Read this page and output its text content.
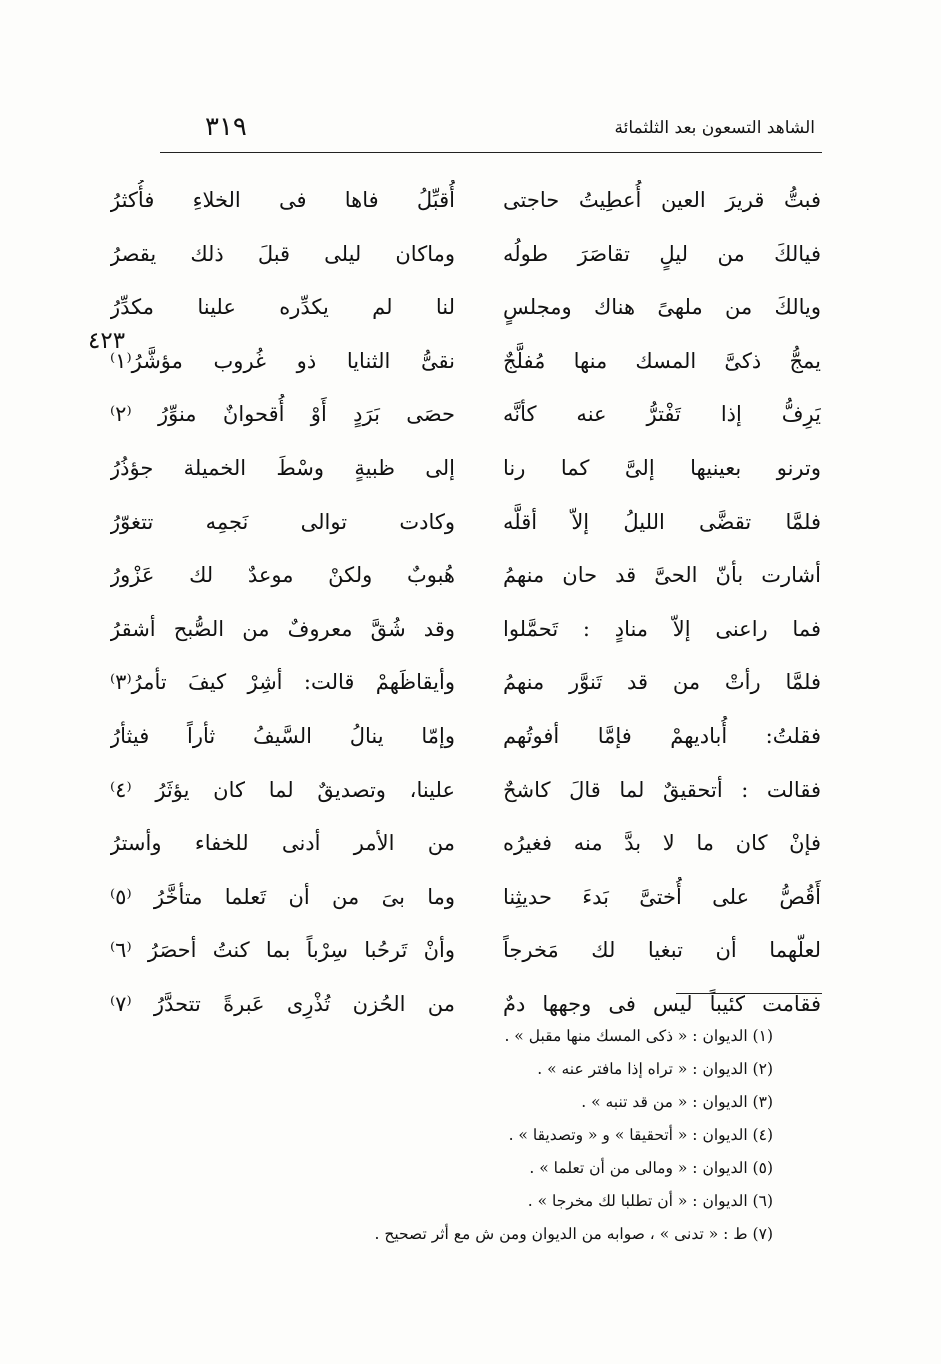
٣١٩	الشاهد التسعون بعد الثلثمائة
٤٢٣
فبتُّ قريرَ العين أُعطِيتُ حاجتى
أُقبِّلُ فاها فى الخلاءِ فأُكثرُ
فيالكَ من ليلٍ تقاصَرَ طولُه
وماكان ليلى قبلَ ذلك يقصرُ
ويالكَ من ملهىً هناك ومجلسٍ
لنا لم يكدِّره علينا مكدِّرُ
يمجُّ ذكىَّ المسك منها مُفلَّجٌ
نقىُّ الثنايا ذو غُروب مؤشَّرُ⁽١⁾
يَرِفُّ إذا تَفْترُّ عنه كأنَّه
حصَى بَرَدٍ أَوْ أُقحوانٌ منوِّرُ ⁽٢⁾
وترنو بعينيها إلىَّ كما رنا
إلى ظبيةٍ وسْطَ الخميلة جؤذُرُ
فلمَّا تقضَّى الليلُ إلاّ أقلَّه
وكادت توالى نَجمِه تتغوّرُ
أشارت بأنّ الحىَّ قد حان منهمُ
هُبوبٌ ولكنْ موعدٌ لك عَزْورُ
فما راعنى إلاّ منادٍ : تَحمَّلوا
وقد شُقَّ معروفٌ من الصُّبح أشقرُ
فلمَّا رأتْ من قد تَنوَّر منهمُ
وأيقاظَهمْ قالت: أشِرْ كيفَ تأمرُ⁽٣⁾
فقلتُ: أُباديهمْ فإمَّا أفوتُهم
وإمّا ينالُ السَّيفُ ثأراً فيثأرُ
فقالت : أتحقيقٌ لما قالَ كاشحٌ
علينا، وتصديقٌ لما كان يؤثَرُ ⁽٤⁾
فإنْ كان ما لا بدَّ منه فغيرُه
من الأمر أدنى للخفاء وأسترُ
أَقُصُّ على أُختىَّ بَدءَ حديثِنا
وما بىَ من أن تَعلما متأخَّرُ ⁽٥⁾
لعلّهما أن تبغيا لك مَخرجاً
وأنْ تَرحُبا سِرْباً بما كنتُ أحصَرُ ⁽٦⁾
فقامت كئيباً ليس فى وجهها دمٌ
من الحُزن تُذْرِى عَبرةً تتحدَّرُ ⁽٧⁾
(١) الديوان : « ذكى المسك منها مقبل » .
(٢) الديوان : « تراه إذا مافتر عنه » .
(٣) الديوان : « من قد تنبه » .
(٤) الديوان : « أتحقيقا » و « وتصديقا » .
(٥) الديوان : « ومالى من أن تعلما » .
(٦) الديوان : « أن تطلبا لك مخرجا » .
(٧) ط : « تدنى » ، صوابه من الديوان ومن ش مع أثر تصحيح .
